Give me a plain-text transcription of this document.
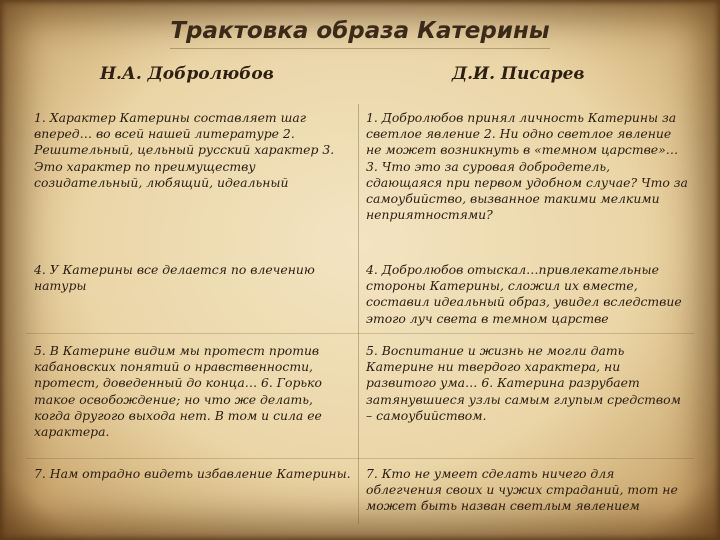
Трактовка образа Катерины
Н.А. Добролюбов	Д.И. Писарев

1. Характер Катерины составляет шаг вперед… во всей нашей литературе 2. Решительный, цельный русский характер 3. Это характер по преимуществу созидательный, любящий, идеальный

1. Добролюбов принял личность Катерины за светлое явление 2. Ни одно светлое явление не может возникнуть в «темном царстве»… 3. Что это за суровая добродетель, сдающаяся при первом удобном случае? Что за самоубийство, вызванное такими мелкими неприятностями?

4. У Катерины все делается по влечению натуры

4. Добролюбов отыскал…привлекательные стороны Катерины, сложил их вместе, составил идеальный образ, увидел вследствие этого луч света в темном царстве

5. В Катерине видим мы протест против кабановских понятий о нравственности, протест, доведенный до конца… 6. Горько такое освобождение; но что же делать, когда другого выхода нет. В том и сила ее характера.

5. Воспитание и жизнь не могли дать Катерине ни твердого характера, ни развитого ума… 6. Катерина разрубает затянувшиеся узлы самым глупым средством – самоубийством.

7. Нам отрадно видеть избавление Катерины. 7. Кто не умеет сделать ничего для облегчения своих и чужих страданий, тот не может быть назван светлым явлением
